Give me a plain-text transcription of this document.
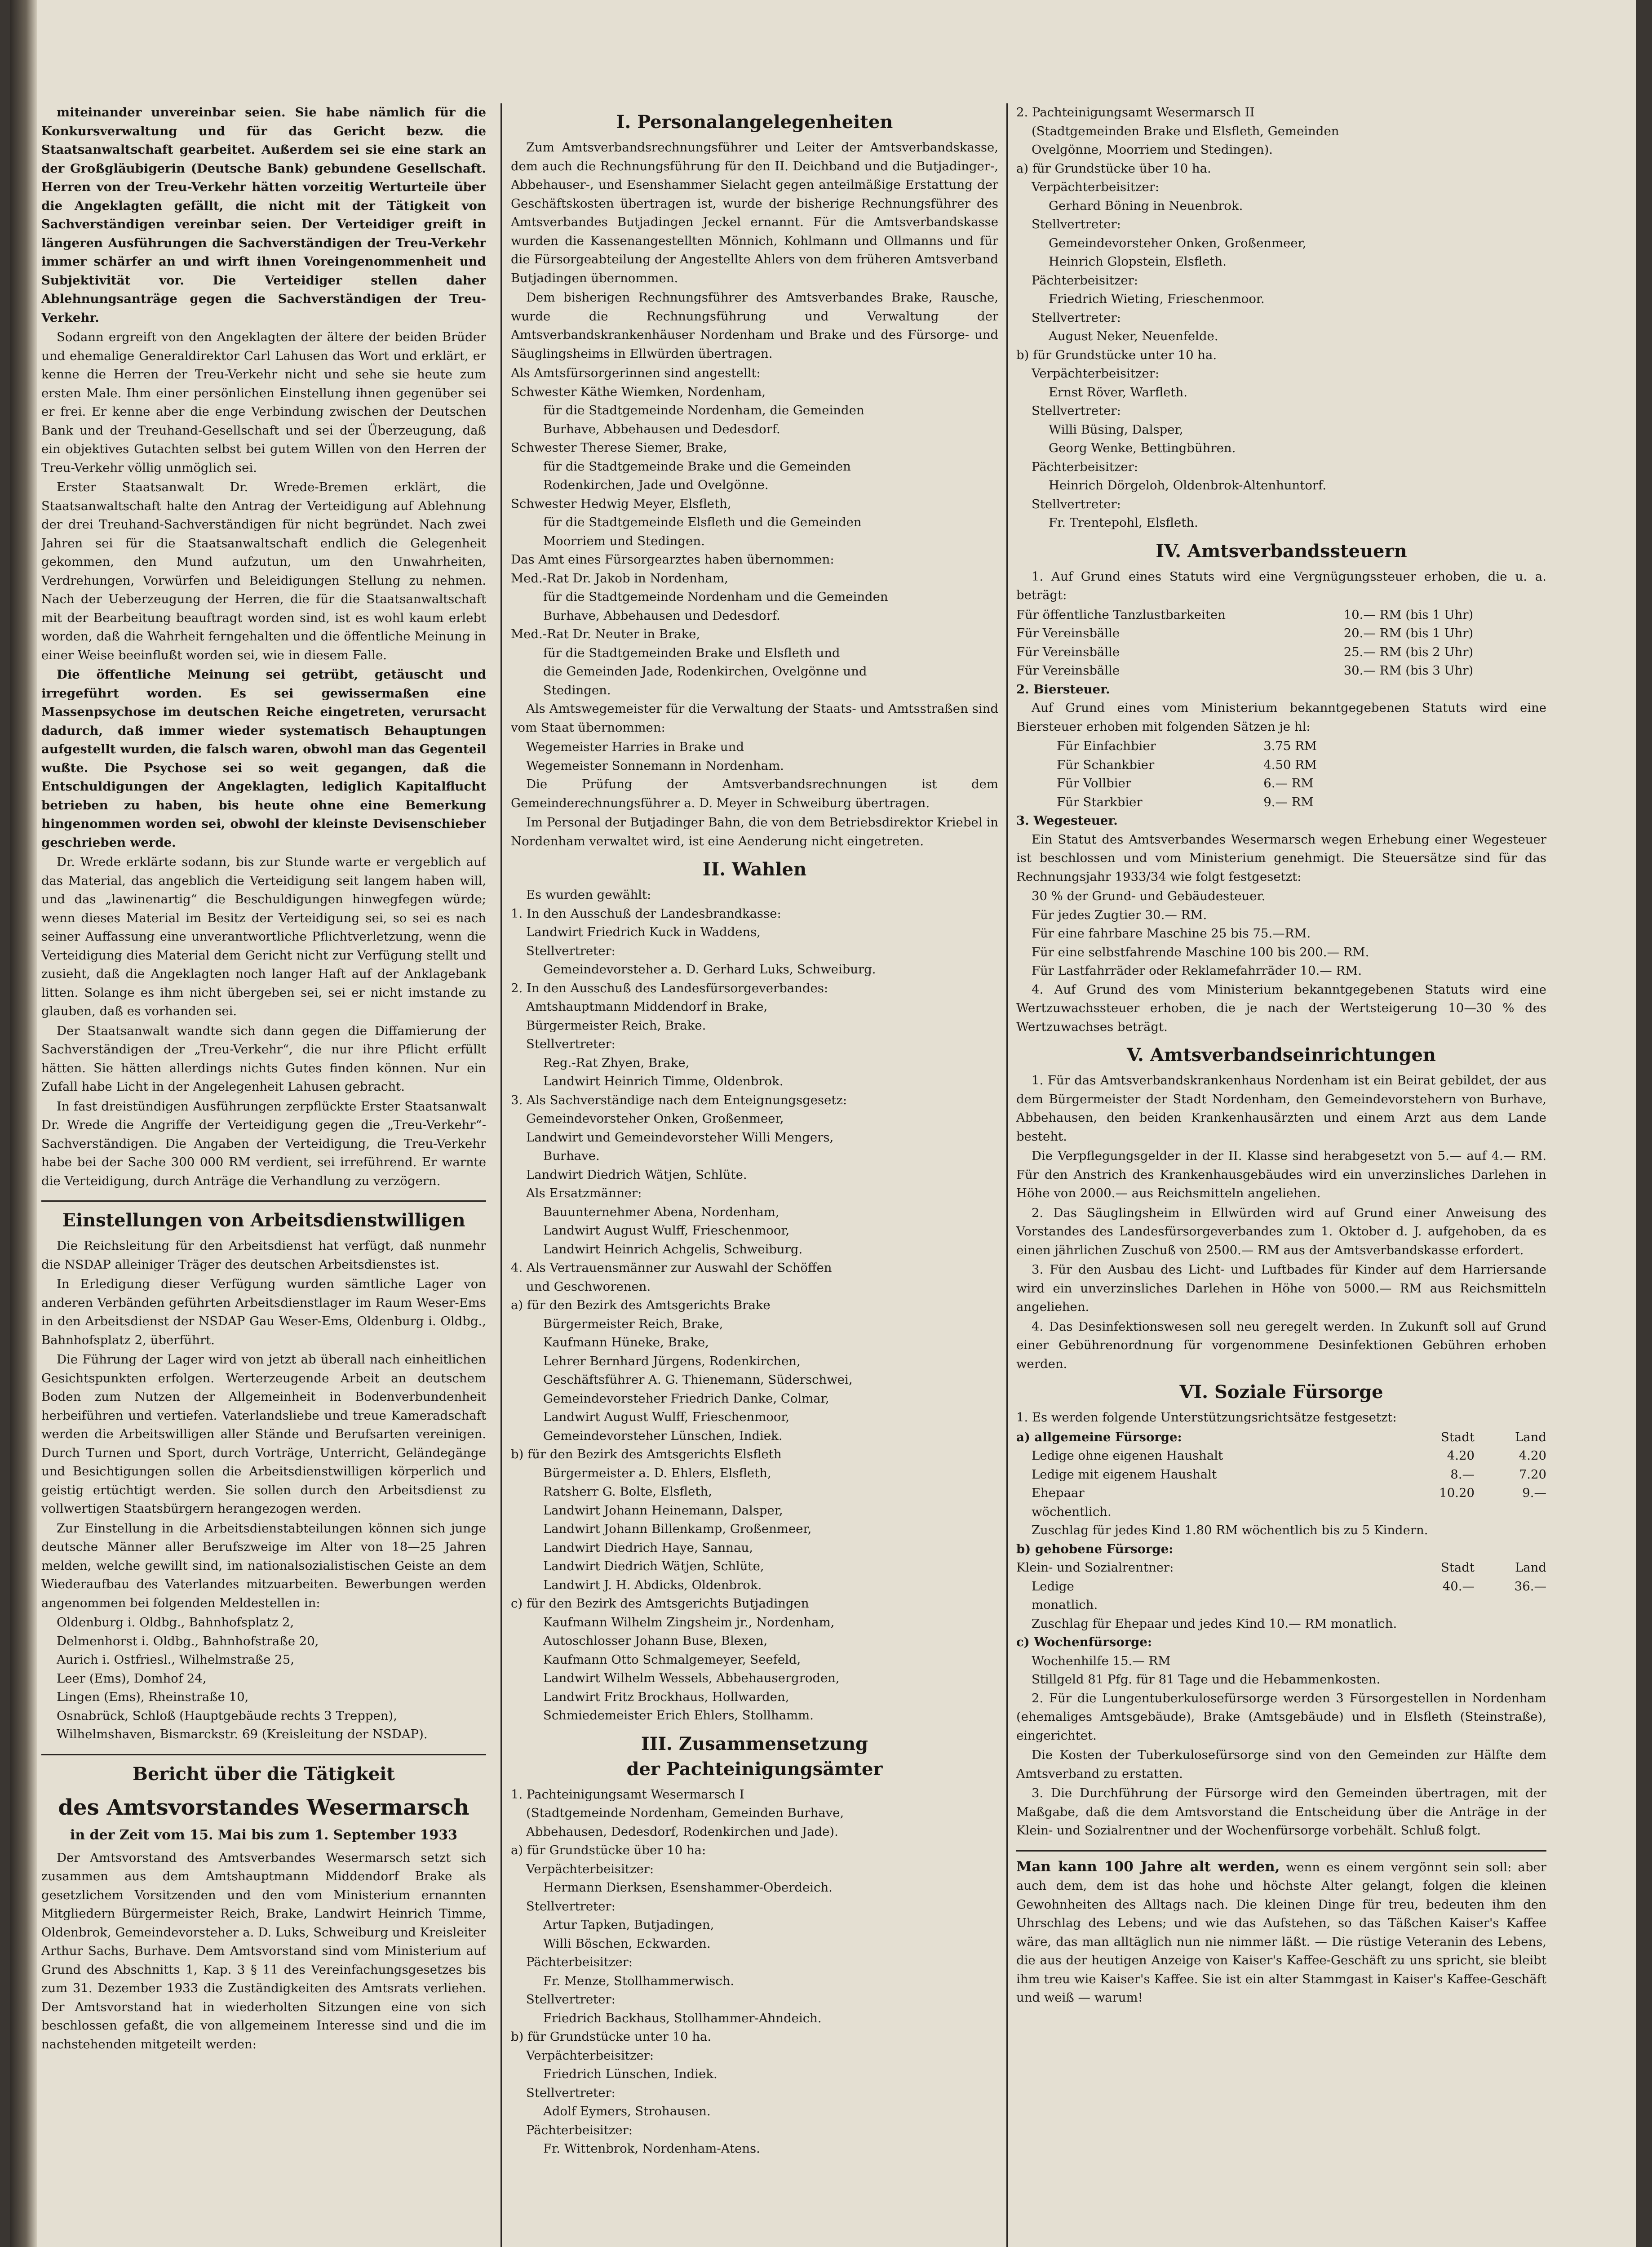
miteinander unvereinbar seien. Sie habe nämlich für die Konkursverwaltung und für das Gericht bezw. die Staatsanwaltschaft gearbeitet. Außerdem sei sie eine stark an der Großgläubigerin (Deutsche Bank) gebundene Gesellschaft. Herren von der Treu-Verkehr hätten vorzeitig Werturteile über die Angeklagten gefällt, die nicht mit der Tätigkeit von Sachverständigen vereinbar seien. Der Verteidiger greift in längeren Ausführungen die Sachverständigen der Treu-Verkehr immer schärfer an und wirft ihnen Voreingenommenheit und Subjektivität vor. Die Verteidiger stellen daher Ablehnungsanträge gegen die Sachverständigen der Treu-Verkehr.

Sodann ergreift von den Angeklagten der ältere der beiden Brüder und ehemalige Generaldirektor Carl Lahusen das Wort und erklärt, er kenne die Herren der Treu-Verkehr nicht und sehe sie heute zum ersten Male. Ihm einer persönlichen Einstellung ihnen gegenüber sei er frei. Er kenne aber die enge Verbindung zwischen der Deutschen Bank und der Treuhand-Gesellschaft und sei der Überzeugung, daß ein objektives Gutachten selbst bei gutem Willen von den Herren der Treu-Verkehr völlig unmöglich sei.

Erster Staatsanwalt Dr. Wrede-Bremen erklärt, die Staatsanwaltschaft halte den Antrag der Verteidigung auf Ablehnung der drei Treuhand-Sachverständigen für nicht begründet. Nach zwei Jahren sei für die Staatsanwaltschaft endlich die Gelegenheit gekommen, den Mund aufzutun, um den Unwahrheiten, Verdrehungen, Vorwürfen und Beleidigungen Stellung zu nehmen. Nach der Ueberzeugung der Herren, die für die Staatsanwaltschaft mit der Bearbeitung beauftragt worden sind, ist es wohl kaum erlebt worden, daß die Wahrheit ferngehalten und die öffentliche Meinung in einer Weise beeinflußt worden sei, wie in diesem Falle.

Die öffentliche Meinung sei getrübt, getäuscht und irregeführt worden. Es sei gewissermaßen eine Massenpsychose im deutschen Reiche eingetreten, verursacht dadurch, daß immer wieder systematisch Behauptungen aufgestellt wurden, die falsch waren, obwohl man das Gegenteil wußte. Die Psychose sei so weit gegangen, daß die Entschuldigungen der Angeklagten, lediglich Kapitalflucht betrieben zu haben, bis heute ohne eine Bemerkung hingenommen worden sei, obwohl der kleinste Devisenschieber geschrieben werde.

Dr. Wrede erklärte sodann, bis zur Stunde warte er vergeblich auf das Material, das angeblich die Verteidigung seit langem haben will, und das „lawinenartig“ die Beschuldigungen hinwegfegen würde; wenn dieses Material im Besitz der Verteidigung sei, so sei es nach seiner Auffassung eine unverantwortliche Pflichtverletzung, wenn die Verteidigung dies Material dem Gericht nicht zur Verfügung stellt und zusieht, daß die Angeklagten noch langer Haft auf der Anklagebank litten. Solange es ihm nicht übergeben sei, sei er nicht imstande zu glauben, daß es vorhanden sei.

Der Staatsanwalt wandte sich dann gegen die Diffamierung der Sachverständigen der „Treu-Verkehr“, die nur ihre Pflicht erfüllt hätten. Sie hätten allerdings nichts Gutes finden können. Nur ein Zufall habe Licht in der Angelegenheit Lahusen gebracht.

In fast dreistündigen Ausführungen zerpflückte Erster Staatsanwalt Dr. Wrede die Angriffe der Verteidigung gegen die „Treu-Verkehr“-Sachverständigen. Die Angaben der Verteidigung, die Treu-Verkehr habe bei der Sache 300 000 RM verdient, sei irreführend. Er warnte die Verteidigung, durch Anträge die Verhandlung zu verzögern.

Einstellungen von Arbeitsdienstwilligen

Die Reichsleitung für den Arbeitsdienst hat verfügt, daß nunmehr die NSDAP alleiniger Träger des deutschen Arbeitsdienstes ist.

In Erledigung dieser Verfügung wurden sämtliche Lager von anderen Verbänden geführten Arbeitsdienstlager im Raum Weser-Ems in den Arbeitsdienst der NSDAP Gau Weser-Ems, Oldenburg i. Oldbg., Bahnhofsplatz 2, überführt.

Die Führung der Lager wird von jetzt ab überall nach einheitlichen Gesichtspunkten erfolgen. Werterzeugende Arbeit an deutschem Boden zum Nutzen der Allgemeinheit in Bodenverbundenheit herbeiführen und vertiefen. Vaterlandsliebe und treue Kameradschaft werden die Arbeitswilligen aller Stände und Berufsarten vereinigen. Durch Turnen und Sport, durch Vorträge, Unterricht, Geländegänge und Besichtigungen sollen die Arbeitsdienstwilligen körperlich und geistig ertüchtigt werden. Sie sollen durch den Arbeitsdienst zu vollwertigen Staatsbürgern herangezogen werden.

Zur Einstellung in die Arbeitsdienstabteilungen können sich junge deutsche Männer aller Berufszweige im Alter von 18—25 Jahren melden, welche gewillt sind, im nationalsozialistischen Geiste an dem Wiederaufbau des Vaterlandes mitzuarbeiten. Bewerbungen werden angenommen bei folgenden Meldestellen in:

Oldenburg i. Oldbg., Bahnhofsplatz 2,
Delmenhorst i. Oldbg., Bahnhofstraße 20,
Aurich i. Ostfriesl., Wilhelmstraße 25,
Leer (Ems), Domhof 24,
Lingen (Ems), Rheinstraße 10,
Osnabrück, Schloß (Hauptgebäude rechts 3 Treppen),
Wilhelmshaven, Bismarckstr. 69 (Kreisleitung der NSDAP).
Bericht über die Tätigkeit
des Amtsvorstandes Wesermarsch
in der Zeit vom 15. Mai bis zum 1. September 1933

Der Amtsvorstand des Amtsverbandes Wesermarsch setzt sich zusammen aus dem Amtshauptmann Middendorf Brake als gesetzlichem Vorsitzenden und den vom Ministerium ernannten Mitgliedern Bürgermeister Reich, Brake, Landwirt Heinrich Timme, Oldenbrok, Gemeindevorsteher a. D. Luks, Schweiburg und Kreisleiter Arthur Sachs, Burhave. Dem Amtsvorstand sind vom Ministerium auf Grund des Abschnitts 1, Kap. 3 § 11 des Vereinfachungsgesetzes bis zum 31. Dezember 1933 die Zuständigkeiten des Amtsrats verliehen. Der Amtsvorstand hat in wiederholten Sitzungen eine von sich beschlossen gefaßt, die von allgemeinem Interesse sind und die im nachstehenden mitgeteilt werden:

I. Personalangelegenheiten

Zum Amtsverbandsrechnungsführer und Leiter der Amtsverbandskasse, dem auch die Rechnungsführung für den II. Deichband und die Butjadinger-, Abbehauser-, und Esenshammer Sielacht gegen anteilmäßige Erstattung der Geschäftskosten übertragen ist, wurde der bisherige Rechnungsführer des Amtsverbandes Butjadingen Jeckel ernannt. Für die Amtsverbandskasse wurden die Kassenangestellten Mönnich, Kohlmann und Ollmanns und für die Fürsorgeabteilung der Angestellte Ahlers von dem früheren Amtsverband Butjadingen übernommen.

Dem bisherigen Rechnungsführer des Amtsverbandes Brake, Rausche, wurde die Rechnungsführung und Verwaltung der Amtsverbandskrankenhäuser Nordenham und Brake und des Fürsorge- und Säuglingsheims in Ellwürden übertragen.

Als Amtsfürsorgerinnen sind angestellt:
Schwester Käthe Wiemken, Nordenham,
für die Stadtgemeinde Nordenham, die Gemeinden
Burhave, Abbehausen und Dedesdorf.
Schwester Therese Siemer, Brake,
für die Stadtgemeinde Brake und die Gemeinden
Rodenkirchen, Jade und Ovelgönne.
Schwester Hedwig Meyer, Elsfleth,
für die Stadtgemeinde Elsfleth und die Gemeinden
Moorriem und Stedingen.
Das Amt eines Fürsorgearztes haben übernommen:
Med.-Rat Dr. Jakob in Nordenham,
für die Stadtgemeinde Nordenham und die Gemeinden
Burhave, Abbehausen und Dedesdorf.
Med.-Rat Dr. Neuter in Brake,
für die Stadtgemeinden Brake und Elsfleth und
die Gemeinden Jade, Rodenkirchen, Ovelgönne und
Stedingen.

Als Amtswegemeister für die Verwaltung der Staats- und Amtsstraßen sind vom Staat übernommen:

Wegemeister Harries in Brake und
Wegemeister Sonnemann in Nordenham.

Die Prüfung der Amtsverbandsrechnungen ist dem Gemeinderechnungsführer a. D. Meyer in Schweiburg übertragen.

Im Personal der Butjadinger Bahn, die von dem Betriebsdirektor Kriebel in Nordenham verwaltet wird, ist eine Aenderung nicht eingetreten.

II. Wahlen
Es wurden gewählt:
1. In den Ausschuß der Landesbrandkasse:
Landwirt Friedrich Kuck in Waddens,
Stellvertreter:
Gemeindevorsteher a. D. Gerhard Luks, Schweiburg.
2. In den Ausschuß des Landesfürsorgeverbandes:
Amtshauptmann Middendorf in Brake,
Bürgermeister Reich, Brake.
Stellvertreter:
Reg.-Rat Zhyen, Brake,
Landwirt Heinrich Timme, Oldenbrok.
3. Als Sachverständige nach dem Enteignungsgesetz:
Gemeindevorsteher Onken, Großenmeer,
Landwirt und Gemeindevorsteher Willi Mengers,
Burhave.
Landwirt Diedrich Wätjen, Schlüte.
Als Ersatzmänner:
Bauunternehmer Abena, Nordenham,
Landwirt August Wulff, Frieschenmoor,
Landwirt Heinrich Achgelis, Schweiburg.
4. Als Vertrauensmänner zur Auswahl der Schöffen
und Geschworenen.
a) für den Bezirk des Amtsgerichts Brake
Bürgermeister Reich, Brake,
Kaufmann Hüneke, Brake,
Lehrer Bernhard Jürgens, Rodenkirchen,
Geschäftsführer A. G. Thienemann, Süderschwei,
Gemeindevorsteher Friedrich Danke, Colmar,
Landwirt August Wulff, Frieschenmoor,
Gemeindevorsteher Lünschen, Indiek.
b) für den Bezirk des Amtsgerichts Elsfleth
Bürgermeister a. D. Ehlers, Elsfleth,
Ratsherr G. Bolte, Elsfleth,
Landwirt Johann Heinemann, Dalsper,
Landwirt Johann Billenkamp, Großenmeer,
Landwirt Diedrich Haye, Sannau,
Landwirt Diedrich Wätjen, Schlüte,
Landwirt J. H. Abdicks, Oldenbrok.
c) für den Bezirk des Amtsgerichts Butjadingen
Kaufmann Wilhelm Zingsheim jr., Nordenham,
Autoschlosser Johann Buse, Blexen,
Kaufmann Otto Schmalgemeyer, Seefeld,
Landwirt Wilhelm Wessels, Abbehausergroden,
Landwirt Fritz Brockhaus, Hollwarden,
Schmiedemeister Erich Ehlers, Stollhamm.
III. Zusammensetzung
der Pachteinigungsämter
1. Pachteinigungsamt Wesermarsch I
(Stadtgemeinde Nordenham, Gemeinden Burhave,
Abbehausen, Dedesdorf, Rodenkirchen und Jade).
a) für Grundstücke über 10 ha:
Verpächterbeisitzer:
Hermann Dierksen, Esenshammer-Oberdeich.
Stellvertreter:
Artur Tapken, Butjadingen,
Willi Böschen, Eckwarden.
Pächterbeisitzer:
Fr. Menze, Stollhammerwisch.
Stellvertreter:
Friedrich Backhaus, Stollhammer-Ahndeich.
b) für Grundstücke unter 10 ha.
Verpächterbeisitzer:
Friedrich Lünschen, Indiek.
Stellvertreter:
Adolf Eymers, Strohausen.
Pächterbeisitzer:
Fr. Wittenbrok, Nordenham-Atens.
2. Pachteinigungsamt Wesermarsch II
(Stadtgemeinden Brake und Elsfleth, Gemeinden
Ovelgönne, Moorriem und Stedingen).
a) für Grundstücke über 10 ha.
Verpächterbeisitzer:
Gerhard Böning in Neuenbrok.
Stellvertreter:
Gemeindevorsteher Onken, Großenmeer,
Heinrich Glopstein, Elsfleth.
Pächterbeisitzer:
Friedrich Wieting, Frieschenmoor.
Stellvertreter:
August Neker, Neuenfelde.
b) für Grundstücke unter 10 ha.
Verpächterbeisitzer:
Ernst Röver, Warfleth.
Stellvertreter:
Willi Büsing, Dalsper,
Georg Wenke, Bettingbühren.
Pächterbeisitzer:
Heinrich Dörgeloh, Oldenbrok-Altenhuntorf.
Stellvertreter:
Fr. Trentepohl, Elsfleth.
IV. Amtsverbandssteuern

1. Auf Grund eines Statuts wird eine Vergnügungssteuer erhoben, die u. a. beträgt:

Für öffentliche Tanzlustbarkeiten	10.— RM (bis 1 Uhr)
Für Vereinsbälle	20.— RM (bis 1 Uhr)
Für Vereinsbälle	25.— RM (bis 2 Uhr)
Für Vereinsbälle	30.— RM (bis 3 Uhr)
2. Biersteuer.

Auf Grund eines vom Ministerium bekanntgegebenen Statuts wird eine Biersteuer erhoben mit folgenden Sätzen je hl:

Für Einfachbier	3.75 RM
Für Schankbier	4.50 RM
Für Vollbier	6.— RM
Für Starkbier	9.— RM
3. Wegesteuer.

Ein Statut des Amtsverbandes Wesermarsch wegen Erhebung einer Wegesteuer ist beschlossen und vom Ministerium genehmigt. Die Steuersätze sind für das Rechnungsjahr 1933/34 wie folgt festgesetzt:

30 % der Grund- und Gebäudesteuer.
Für jedes Zugtier 30.— RM.
Für eine fahrbare Maschine 25 bis 75.—RM.
Für eine selbstfahrende Maschine 100 bis 200.— RM.
Für Lastfahrräder oder Reklamefahrräder 10.— RM.

4. Auf Grund des vom Ministerium bekanntgegebenen Statuts wird eine Wertzuwachssteuer erhoben, die je nach der Wertsteigerung 10—30 % des Wertzuwachses beträgt.

V. Amtsverbandseinrichtungen

1. Für das Amtsverbandskrankenhaus Nordenham ist ein Beirat gebildet, der aus dem Bürgermeister der Stadt Nordenham, den Gemeindevorstehern von Burhave, Abbehausen, den beiden Krankenhausärzten und einem Arzt aus dem Lande besteht.

Die Verpflegungsgelder in der II. Klasse sind herabgesetzt von 5.— auf 4.— RM. Für den Anstrich des Krankenhausgebäudes wird ein unverzinsliches Darlehen in Höhe von 2000.— aus Reichsmitteln angeliehen.

2. Das Säuglingsheim in Ellwürden wird auf Grund einer Anweisung des Vorstandes des Landesfürsorgeverbandes zum 1. Oktober d. J. aufgehoben, da es einen jährlichen Zuschuß von 2500.— RM aus der Amtsverbandskasse erfordert.

3. Für den Ausbau des Licht- und Luftbades für Kinder auf dem Harriersande wird ein unverzinsliches Darlehen in Höhe von 5000.— RM aus Reichsmitteln angeliehen.

4. Das Desinfektionswesen soll neu geregelt werden. In Zukunft soll auf Grund einer Gebührenordnung für vorgenommene Desinfektionen Gebühren erhoben werden.

VI. Soziale Fürsorge

1. Es werden folgende Unterstützungsrichtsätze festgesetzt:

a) allgemeine Fürsorge:	Stadt	Land
Ledige ohne eigenen Haushalt	4.20	4.20
Ledige mit eigenem Haushalt	8.—	7.20
Ehepaar	10.20	9.—
wöchentlich.
Zuschlag für jedes Kind 1.80 RM wöchentlich bis zu 5 Kindern.
b) gehobene Fürsorge:
Klein- und Sozialrentner:	Stadt	Land
Ledige	40.—	36.—
monatlich.
Zuschlag für Ehepaar und jedes Kind 10.— RM monatlich.
c) Wochenfürsorge:
Wochenhilfe 15.— RM
Stillgeld 81 Pfg. für 81 Tage und die Hebammenkosten.

2. Für die Lungentuberkulosefürsorge werden 3 Fürsorgestellen in Nordenham (ehemaliges Amtsgebäude), Brake (Amtsgebäude) und in Elsfleth (Steinstraße), eingerichtet.

Die Kosten der Tuberkulosefürsorge sind von den Gemeinden zur Hälfte dem Amtsverband zu erstatten.

3. Die Durchführung der Fürsorge wird den Gemeinden übertragen, mit der Maßgabe, daß die dem Amtsvorstand die Entscheidung über die Anträge in der Klein- und Sozialrentner und der Wochenfürsorge vorbehält. Schluß folgt.

Man kann 100 Jahre alt werden, wenn es einem vergönnt sein soll: aber auch dem, dem ist das hohe und höchste Alter gelangt, folgen die kleinen Gewohnheiten des Alltags nach. Die kleinen Dinge für treu, bedeuten ihm den Uhrschlag des Lebens; und wie das Aufstehen, so das Täßchen Kaiser's Kaffee wäre, das man alltäglich nun nie nimmer läßt. — Die rüstige Veteranin des Lebens, die aus der heutigen Anzeige von Kaiser's Kaffee-Geschäft zu uns spricht, sie bleibt ihm treu wie Kaiser's Kaffee. Sie ist ein alter Stammgast in Kaiser's Kaffee-Geschäft und weiß — warum!
